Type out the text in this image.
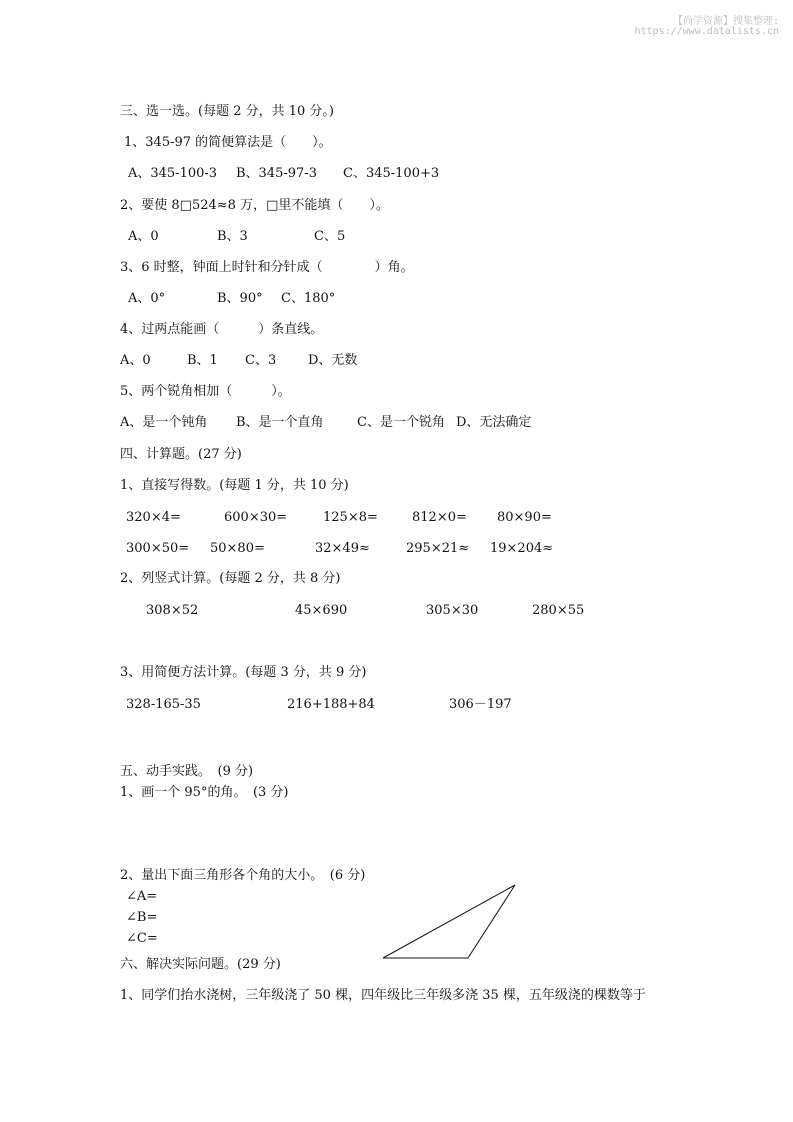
【尚学资源】搜集整理:
https://www.datalists.cn
三、选一选。(每题 2 分，共 10 分。)
1、345-97 的简便算法是（　　）。
A、345-100-3 B、345-97-3 C、345-100+3
2、要使 8□524≈8 万，□里不能填（　　）。
A、0	B、3	C、5
3、6 时整，钟面上时针和分针成（　　　　）角。
A、0°	B、90° C、180°
4、过两点能画（　　　）条直线。
A、0	B、1 C、3 D、无数
5、两个锐角相加（　　　）。
A、是一个钝角 B、是一个直角	C、是一个锐角 D、无法确定
四、计算题。(27 分)
1、直接写得数。(每题 1 分，共 10 分)
320×4=	600×30=	125×8=	812×0= 80×90=
300×50= 50×80=	32×49≈	295×21≈ 19×204≈
2、列竖式计算。(每题 2 分，共 8 分)
308×52	45×690	305×30	280×55
3、用简便方法计算。(每题 3 分，共 9 分)
328-165-35	216+188+84	306－197
五、动手实践。　(9 分)
1、画一个 95°的角。　(3 分)
2、量出下面三角形各个角的大小。　(6 分)
∠A=
∠B=
∠C=
六、解决实际问题。(29 分)
1、同学们抬水浇树，三年级浇了 50 棵，四年级比三年级多浇 35 棵，五年级浇的棵数等于
